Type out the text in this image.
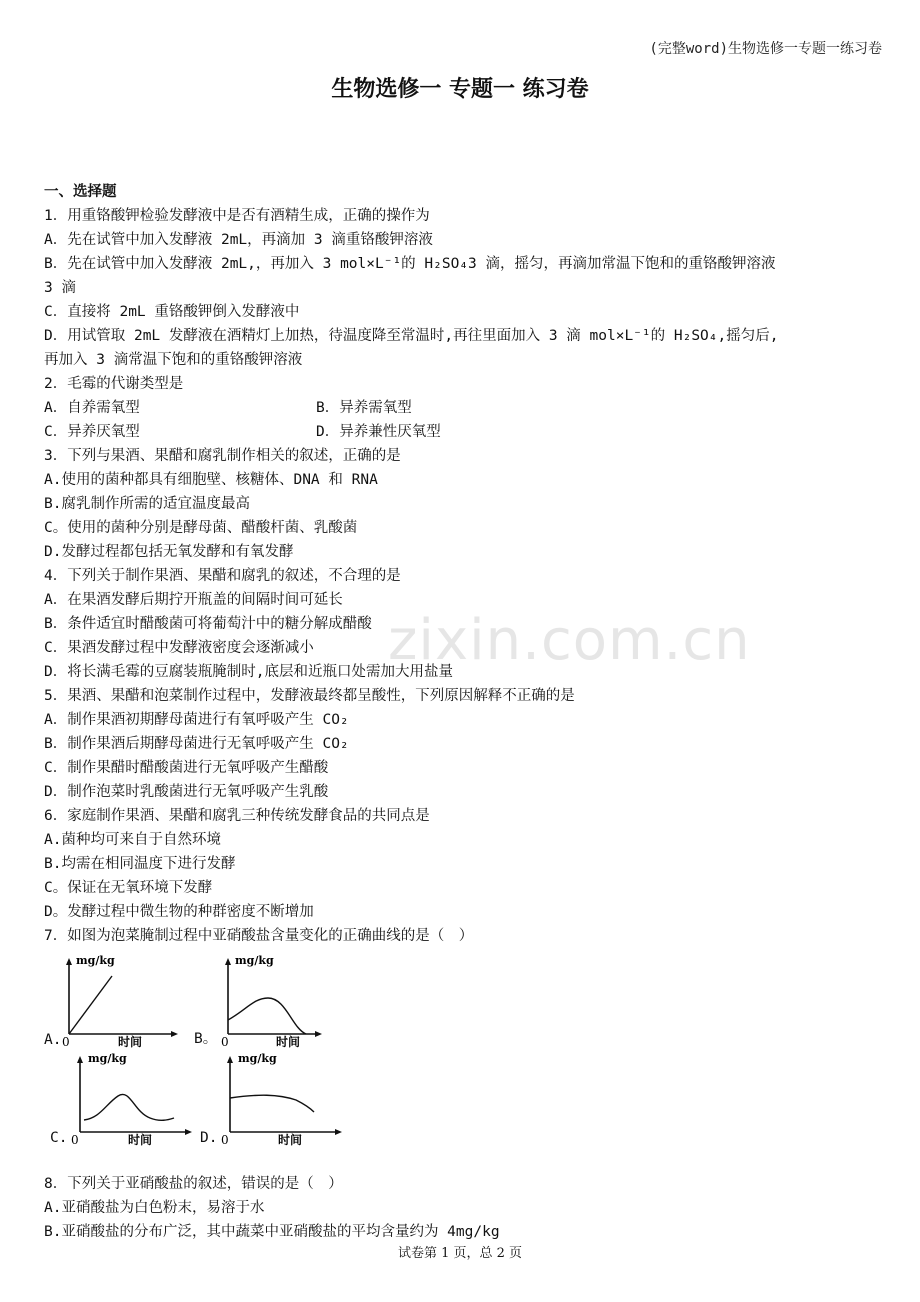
(完整word)生物选修一专题一练习卷
生物选修一 专题一 练习卷
zixin.com.cn
一、选择题
1．用重铬酸钾检验发酵液中是否有酒精生成，正确的操作为
A．先在试管中加入发酵液 2mL，再滴加 3 滴重铬酸钾溶液
B．先在试管中加入发酵液 2mL,，再加入 3 mol×L⁻¹的 H₂SO₄3 滴，摇匀，再滴加常温下饱和的重铬酸钾溶液
3 滴
C．直接将 2mL 重铬酸钾倒入发酵液中
D．用试管取 2mL 发酵液在酒精灯上加热，待温度降至常温时,再往里面加入 3 滴 mol×L⁻¹的 H₂SO₄,摇匀后,
再加入 3 滴常温下饱和的重铬酸钾溶液
2．毛霉的代谢类型是
A．自养需氧型	B．异养需氧型
C．异养厌氧型	D．异养兼性厌氧型
3．下列与果酒、果醋和腐乳制作相关的叙述，正确的是
A.使用的菌种都具有细胞壁、核糖体、DNA 和 RNA
B.腐乳制作所需的适宜温度最高
C。使用的菌种分别是酵母菌、醋酸杆菌、乳酸菌
D.发酵过程都包括无氧发酵和有氧发酵
4．下列关于制作果酒、果醋和腐乳的叙述，不合理的是
A．在果酒发酵后期拧开瓶盖的间隔时间可延长
B．条件适宜时醋酸菌可将葡萄汁中的糖分解成醋酸
C．果酒发酵过程中发酵液密度会逐渐减小
D．将长满毛霉的豆腐装瓶腌制时,底层和近瓶口处需加大用盐量
5．果酒、果醋和泡菜制作过程中，发酵液最终都呈酸性，下列原因解释不正确的是
A．制作果酒初期酵母菌进行有氧呼吸产生 CO₂
B．制作果酒后期酵母菌进行无氧呼吸产生 CO₂
C．制作果醋时醋酸菌进行无氧呼吸产生醋酸
D．制作泡菜时乳酸菌进行无氧呼吸产生乳酸
6．家庭制作果酒、果醋和腐乳三种传统发酵食品的共同点是
A.菌种均可来自于自然环境
B.均需在相同温度下进行发酵
C。保证在无氧环境下发酵
D。发酵过程中微生物的种群密度不断增加
7．如图为泡菜腌制过程中亚硝酸盐含量变化的正确曲线的是（　）
mg/kg
0	时间
A.
mg/kg
0	时间
B。
mg/kg
0	时间
C.
mg/kg
0	时间
D.
8．下列关于亚硝酸盐的叙述，错误的是（　）
A.亚硝酸盐为白色粉末，易溶于水
B.亚硝酸盐的分布广泛，其中蔬菜中亚硝酸盐的平均含量约为 4mg/kg
试卷第 1 页，总 2 页
